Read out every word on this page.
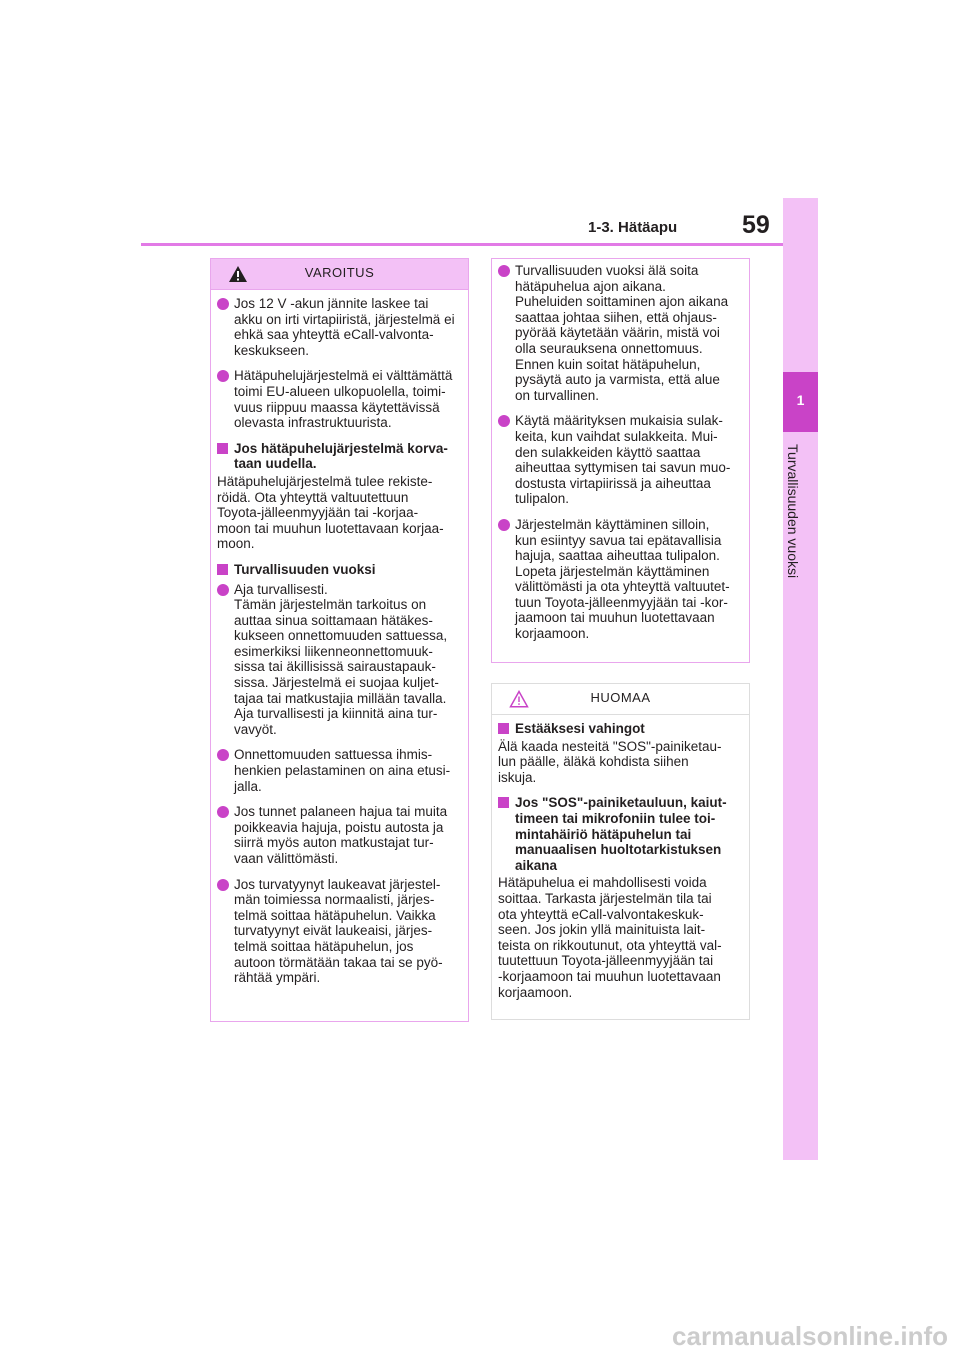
1-3. Hätäapu	59
1
Turvallisuuden vuoksi
VAROITUS
Jos 12 V -akun jännite laskee tai
akku on irti virtapiiristä, järjestelmä ei
ehkä saa yhteyttä eCall-valvonta-
keskukseen.
Hätäpuhelujärjestelmä ei välttämättä
toimi EU-alueen ulkopuolella, toimi-
vuus riippuu maassa käytettävissä
olevasta infrastruktuurista.
Jos hätäpuhelujärjestelmä korva-
taan uudella.
Hätäpuhelujärjestelmä tulee rekiste-
röidä. Ota yhteyttä valtuutettuun
Toyota-jälleenmyyjään tai -korjaa-
moon tai muuhun luotettavaan korjaa-
moon.
Turvallisuuden vuoksi
Aja turvallisesti.
Tämän järjestelmän tarkoitus on
auttaa sinua soittamaan hätäkes-
kukseen onnettomuuden sattuessa,
esimerkiksi liikenneonnettomuuk-
sissa tai äkillisissä sairaustapauk-
sissa. Järjestelmä ei suojaa kuljet-
tajaa tai matkustajia millään tavalla.
Aja turvallisesti ja kiinnitä aina tur-
vavyöt.
Onnettomuuden sattuessa ihmis-
henkien pelastaminen on aina etusi-
jalla.
Jos tunnet palaneen hajua tai muita
poikkeavia hajuja, poistu autosta ja
siirrä myös auton matkustajat tur-
vaan välittömästi.
Jos turvatyynyt laukeavat järjestel-
män toimiessa normaalisti, järjes-
telmä soittaa hätäpuhelun. Vaikka
turvatyynyt eivät laukeaisi, järjes-
telmä soittaa hätäpuhelun, jos
autoon törmätään takaa tai se pyö-
rähtää ympäri.
Turvallisuuden vuoksi älä soita
hätäpuhelua ajon aikana.
Puheluiden soittaminen ajon aikana
saattaa johtaa siihen, että ohjaus-
pyörää käytetään väärin, mistä voi
olla seurauksena onnettomuus.
Ennen kuin soitat hätäpuhelun,
pysäytä auto ja varmista, että alue
on turvallinen.
Käytä määrityksen mukaisia sulak-
keita, kun vaihdat sulakkeita. Mui-
den sulakkeiden käyttö saattaa
aiheuttaa syttymisen tai savun muo-
dostusta virtapiirissä ja aiheuttaa
tulipalon.
Järjestelmän käyttäminen silloin,
kun esiintyy savua tai epätavallisia
hajuja, saattaa aiheuttaa tulipalon.
Lopeta järjestelmän käyttäminen
välittömästi ja ota yhteyttä valtuutet-
tuun Toyota-jälleenmyyjään tai -kor-
jaamoon tai muuhun luotettavaan
korjaamoon.
HUOMAA
Estääksesi vahingot
Älä kaada nesteitä "SOS"-painiketau-
lun päälle, äläkä kohdista siihen
iskuja.
Jos "SOS"-painiketauluun, kaiut-
timeen tai mikrofoniin tulee toi-
mintahäiriö hätäpuhelun tai
manuaalisen huoltotarkistuksen
aikana
Hätäpuhelua ei mahdollisesti voida
soittaa. Tarkasta järjestelmän tila tai
ota yhteyttä eCall-valvontakeskuk-
seen. Jos jokin yllä mainituista lait-
teista on rikkoutunut, ota yhteyttä val-
tuutettuun Toyota-jälleenmyyjään tai
-korjaamoon tai muuhun luotettavaan
korjaamoon.
carmanualsonline.info
